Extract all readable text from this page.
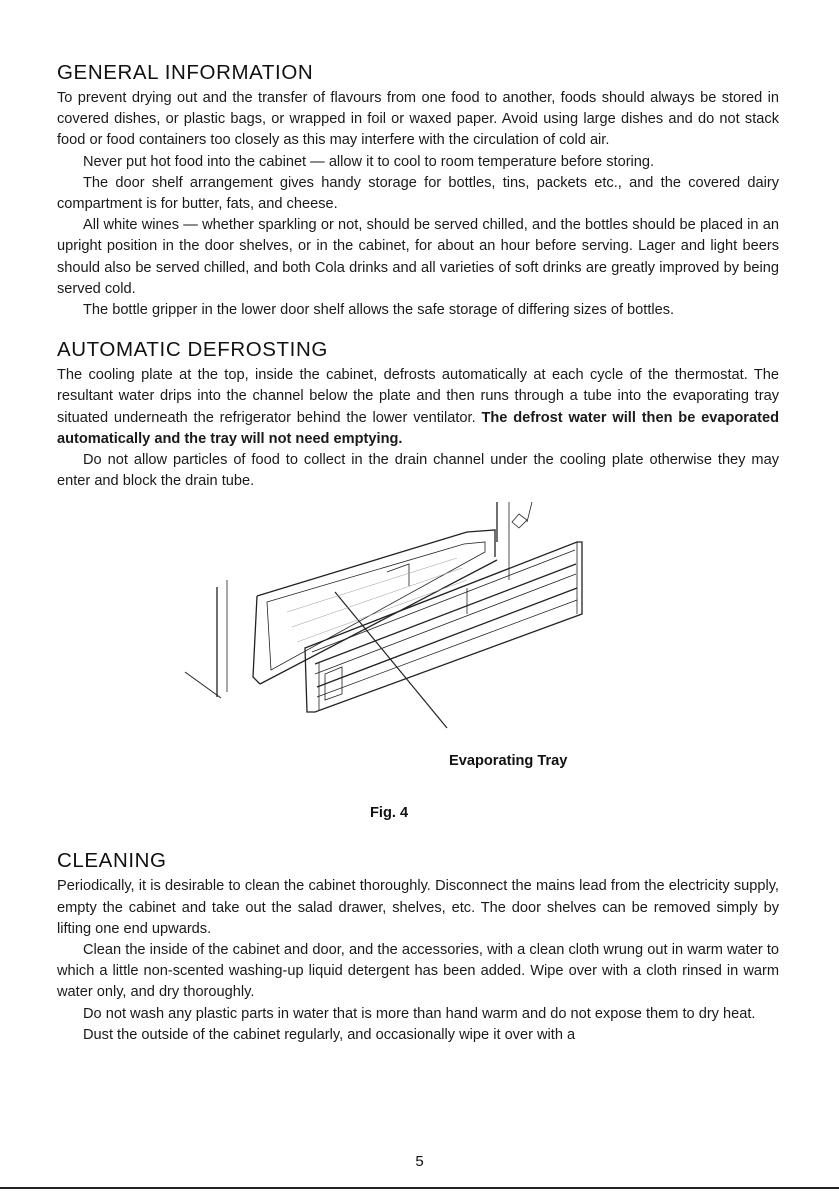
GENERAL INFORMATION

To prevent drying out and the transfer of flavours from one food to another, foods should always be stored in covered dishes, or plastic bags, or wrapped in foil or waxed paper. Avoid using large dishes and do not stack food or food containers too closely as this may interfere with the circulation of cold air.

Never put hot food into the cabinet — allow it to cool to room temperature before storing.

The door shelf arrangement gives handy storage for bottles, tins, packets etc., and the covered dairy compartment is for butter, fats, and cheese.

All white wines — whether sparkling or not, should be served chilled, and the bottles should be placed in an upright position in the door shelves, or in the cabinet, for about an hour before serving. Lager and light beers should also be served chilled, and both Cola drinks and all varieties of soft drinks are greatly improved by being served cold.

The bottle gripper in the lower door shelf allows the safe storage of differing sizes of bottles.

AUTOMATIC DEFROSTING

The cooling plate at the top, inside the cabinet, defrosts automatically at each cycle of the thermostat. The resultant water drips into the channel below the plate and then runs through a tube into the evaporating tray situated underneath the refrigerator behind the lower ventilator. The defrost water will then be evaporated automatically and the tray will not need emptying.

Do not allow particles of food to collect in the drain channel under the cooling plate otherwise they may enter and block the drain tube.

Evaporating Tray
Fig. 4
CLEANING

Periodically, it is desirable to clean the cabinet thoroughly. Disconnect the mains lead from the electricity supply, empty the cabinet and take out the salad drawer, shelves, etc. The door shelves can be removed simply by lifting one end upwards.

Clean the inside of the cabinet and door, and the accessories, with a clean cloth wrung out in warm water to which a little non-scented washing-up liquid detergent has been added. Wipe over with a cloth rinsed in warm water only, and dry thoroughly.

Do not wash any plastic parts in water that is more than hand warm and do not expose them to dry heat.

Dust the outside of the cabinet regularly, and occasionally wipe it over with a

5
